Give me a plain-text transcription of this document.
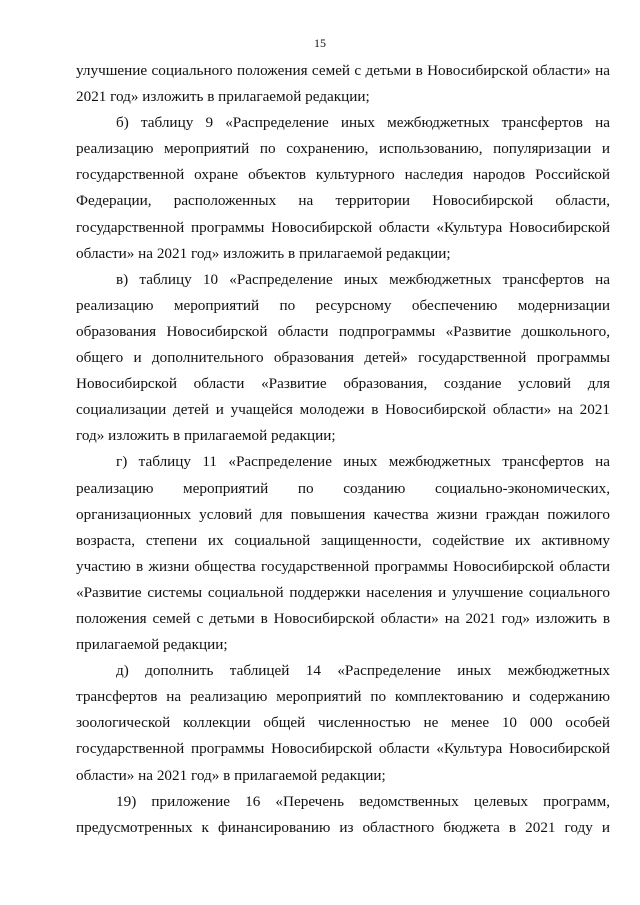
15

улучшение социального положения семей с детьми в Новосибирской области» на 2021 год» изложить в прилагаемой редакции;

б) таблицу 9 «Распределение иных межбюджетных трансфертов на реализацию мероприятий по сохранению, использованию, популяризации и государственной охране объектов культурного наследия народов Российской Федерации, расположенных на территории Новосибирской области, государственной программы Новосибирской области «Культура Новосибирской области» на 2021 год» изложить в прилагаемой редакции;

в) таблицу 10 «Распределение иных межбюджетных трансфертов на реализацию мероприятий по ресурсному обеспечению модернизации образования Новосибирской области подпрограммы «Развитие дошкольного, общего и дополнительного образования детей» государственной программы Новосибирской области «Развитие образования, создание условий для социализации детей и учащейся молодежи в Новосибирской области» на 2021 год» изложить в прилагаемой редакции;

г) таблицу 11 «Распределение иных межбюджетных трансфертов на реализацию мероприятий по созданию социально-экономических, организационных условий для повышения качества жизни граждан пожилого возраста, степени их социальной защищенности, содействие их активному участию в жизни общества государственной программы Новосибирской области «Развитие системы социальной поддержки населения и улучшение социального положения семей с детьми в Новосибирской области» на 2021 год» изложить в прилагаемой редакции;

д) дополнить таблицей 14 «Распределение иных межбюджетных трансфертов на реализацию мероприятий по комплектованию и содержанию зоологической коллекции общей численностью не менее 10 000 особей государственной программы Новосибирской области «Культура Новосибирской области» на 2021 год» в прилагаемой редакции;

19) приложение 16 «Перечень ведомственных целевых программ, предусмотренных к финансированию из областного бюджета в 2021 году и
